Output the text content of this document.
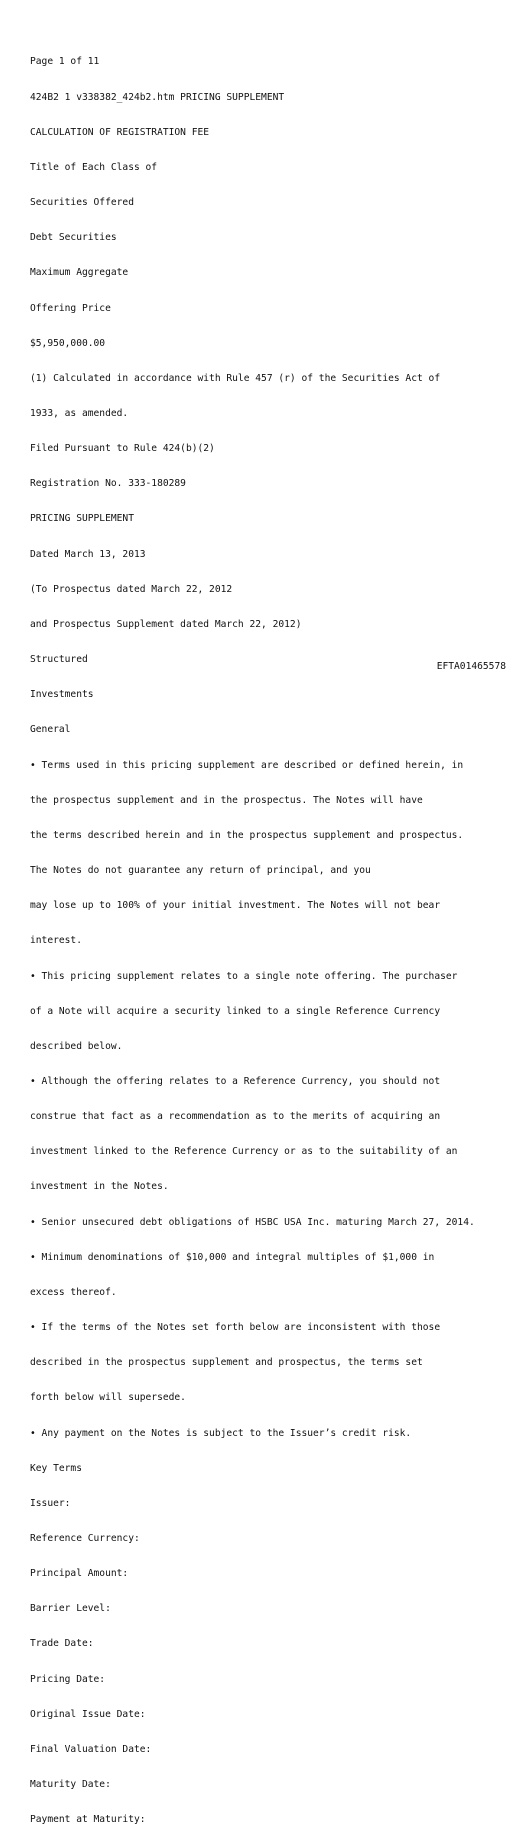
Page 1 of 11

424B2 1 v338382_424b2.htm PRICING SUPPLEMENT

CALCULATION OF REGISTRATION FEE

Title of Each Class of

Securities Offered

Debt Securities

Maximum Aggregate

Offering Price

$5,950,000.00

(1) Calculated in accordance with Rule 457 (r) of the Securities Act of

1933, as amended.

Filed Pursuant to Rule 424(b)(2)

Registration No. 333-180289

PRICING SUPPLEMENT

Dated March 13, 2013

(To Prospectus dated March 22, 2012

and Prospectus Supplement dated March 22, 2012)

Structured

Investments

General

• Terms used in this pricing supplement are described or defined herein, in

the prospectus supplement and in the prospectus. The Notes will have

the terms described herein and in the prospectus supplement and prospectus.

The Notes do not guarantee any return of principal, and you

may lose up to 100% of your initial investment. The Notes will not bear

interest.

• This pricing supplement relates to a single note offering. The purchaser

of a Note will acquire a security linked to a single Reference Currency

described below.

• Although the offering relates to a Reference Currency, you should not

construe that fact as a recommendation as to the merits of acquiring an

investment linked to the Reference Currency or as to the suitability of an

investment in the Notes.

• Senior unsecured debt obligations of HSBC USA Inc. maturing March 27, 2014.

• Minimum denominations of $10,000 and integral multiples of $1,000 in

excess thereof.

• If the terms of the Notes set forth below are inconsistent with those

described in the prospectus supplement and prospectus, the terms set

forth below will supersede.

• Any payment on the Notes is subject to the Issuer’s credit risk.

Key Terms

Issuer:

Reference Currency:

Principal Amount:

Barrier Level:

Trade Date:

Pricing Date:

Original Issue Date:

Final Valuation Date:

Maturity Date:

Payment at Maturity:

EFTA01465578
